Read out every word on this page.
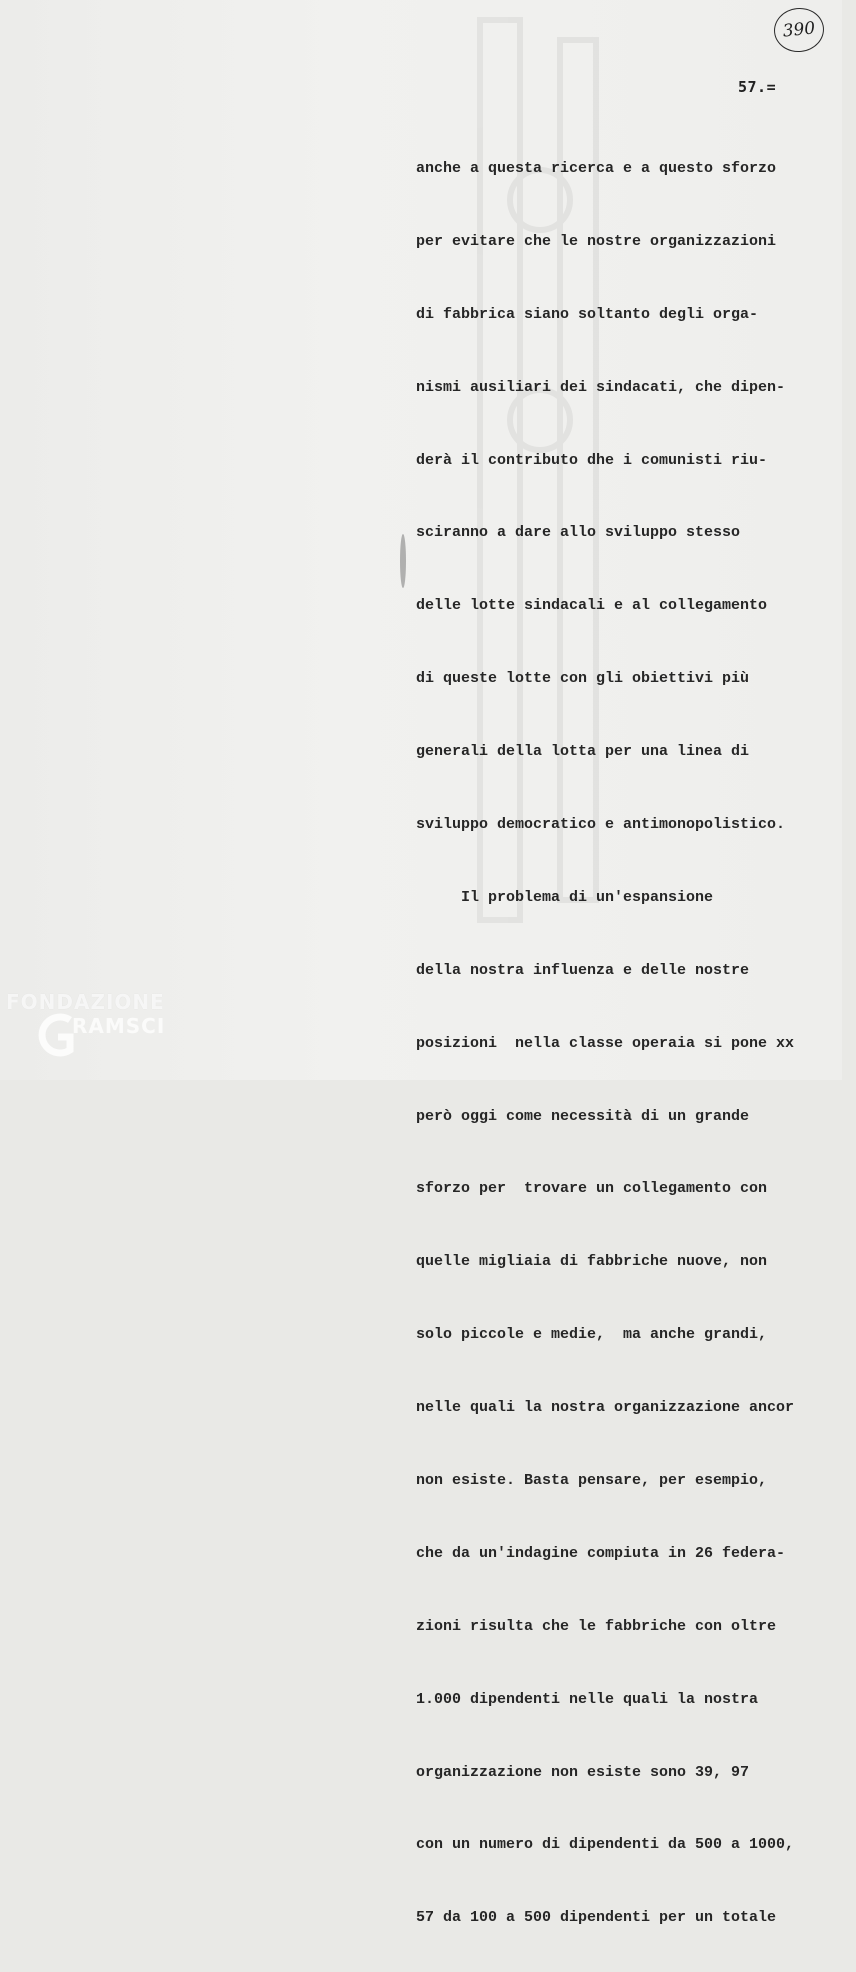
390
57.=

anche a questa ricerca e a questo sforzo

per evitare che le nostre organizzazioni

di fabbrica siano soltanto degli orga-

nismi ausiliari dei sindacati, che dipen-

derà il contributo dhe i comunisti riu-

sciranno a dare allo sviluppo stesso

delle lotte sindacali e al collegamento

di queste lotte con gli obiettivi più

generali della lotta per una linea di

sviluppo democratico e antimonopolistico.

Il problema di un'espansione

della nostra influenza e delle nostre

posizioni  nella classe operaia si pone xx

però oggi come necessità di un grande

sforzo per  trovare un collegamento con

quelle migliaia di fabbriche nuove, non

solo piccole e medie,  ma anche grandi,

nelle quali la nostra organizzazione ancor

non esiste. Basta pensare, per esempio,

che da un'indagine compiuta in 26 federa-

zioni risulta che le fabbriche con oltre

1.000 dipendenti nelle quali la nostra

organizzazione non esiste sono 39, 97

con un numero di dipendenti da 500 a 1000,

57 da 100 a 500 dipendenti per un totale

FONDAZIONE
RAMSCI
